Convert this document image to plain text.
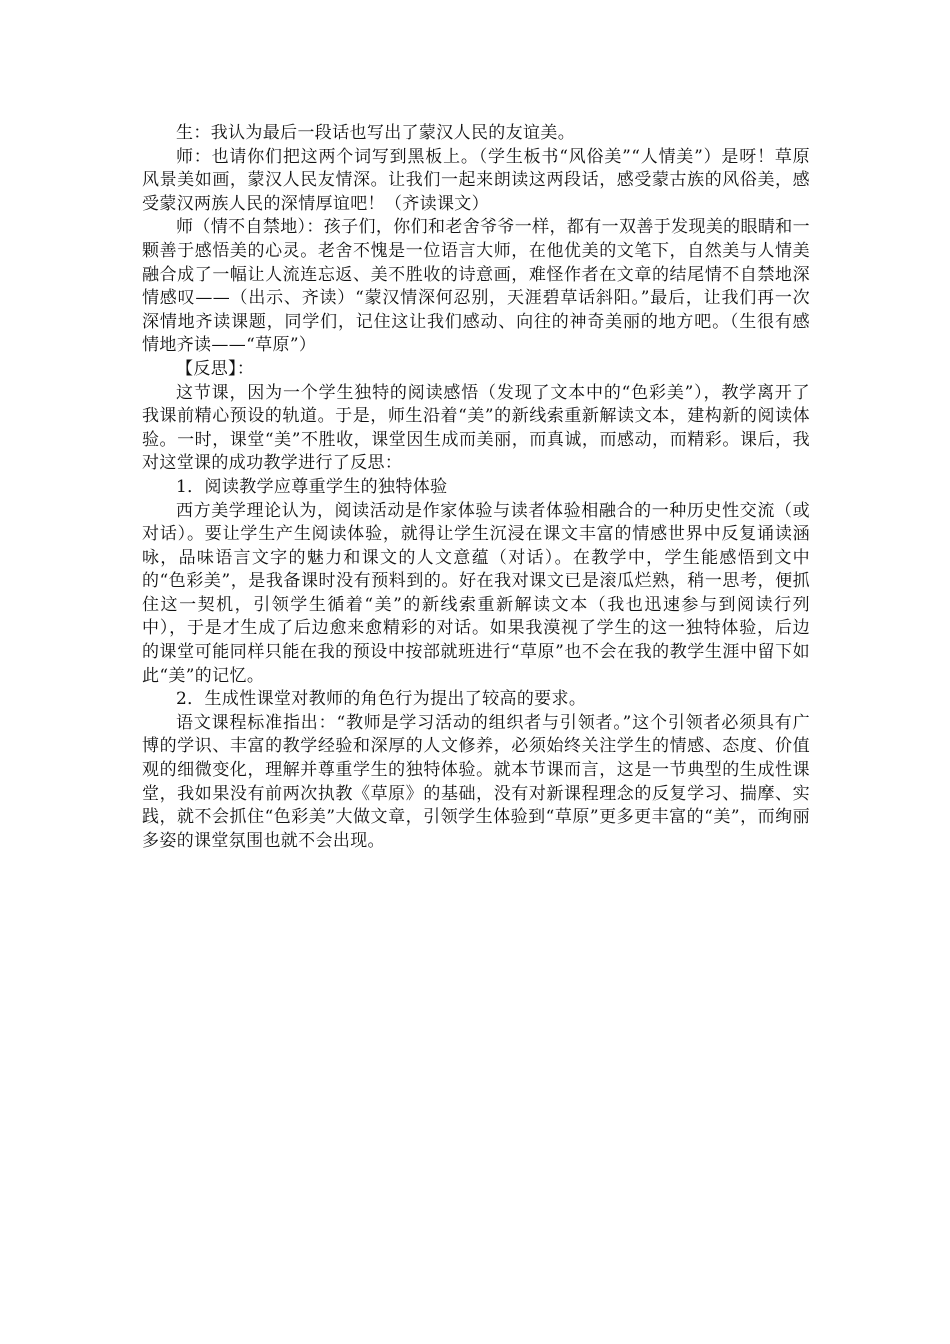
生：我认为最后一段话也写出了蒙汉人民的友谊美。

师：也请你们把这两个词写到黑板上。（学生板书“风俗美”“人情美”）是呀！草原风景美如画，蒙汉人民友情深。让我们一起来朗读这两段话，感受蒙古族的风俗美，感受蒙汉两族人民的深情厚谊吧！（齐读课文）

师（情不自禁地）：孩子们，你们和老舍爷爷一样，都有一双善于发现美的眼睛和一颗善于感悟美的心灵。老舍不愧是一位语言大师，在他优美的文笔下，自然美与人情美融合成了一幅让人流连忘返、美不胜收的诗意画，难怪作者在文章的结尾情不自禁地深情感叹——（出示、齐读）“蒙汉情深何忍别，天涯碧草话斜阳。”最后，让我们再一次深情地齐读课题，同学们，记住这让我们感动、向往的神奇美丽的地方吧。（生很有感情地齐读——“草原”）

【反思】：

这节课，因为一个学生独特的阅读感悟（发现了文本中的“色彩美”），教学离开了我课前精心预设的轨道。于是，师生沿着“美”的新线索重新解读文本，建构新的阅读体验。一时，课堂“美”不胜收，课堂因生成而美丽，而真诚，而感动，而精彩。课后，我对这堂课的成功教学进行了反思：

1．阅读教学应尊重学生的独特体验

西方美学理论认为，阅读活动是作家体验与读者体验相融合的一种历史性交流（或对话）。要让学生产生阅读体验，就得让学生沉浸在课文丰富的情感世界中反复诵读涵咏，品味语言文字的魅力和课文的人文意蕴（对话）。在教学中，学生能感悟到文中的“色彩美”，是我备课时没有预料到的。好在我对课文已是滚瓜烂熟，稍一思考，便抓住这一契机，引领学生循着“美”的新线索重新解读文本（我也迅速参与到阅读行列中），于是才生成了后边愈来愈精彩的对话。如果我漠视了学生的这一独特体验，后边的课堂可能同样只能在我的预设中按部就班进行“草原”也不会在我的教学生涯中留下如此“美”的记忆。

2．生成性课堂对教师的角色行为提出了较高的要求。

语文课程标准指出：“教师是学习活动的组织者与引领者。”这个引领者必须具有广博的学识、丰富的教学经验和深厚的人文修养，必须始终关注学生的情感、态度、价值观的细微变化，理解并尊重学生的独特体验。就本节课而言，这是一节典型的生成性课堂，我如果没有前两次执教《草原》的基础，没有对新课程理念的反复学习、揣摩、实践，就不会抓住“色彩美”大做文章，引领学生体验到“草原”更多更丰富的“美”，而绚丽多姿的课堂氛围也就不会出现。
